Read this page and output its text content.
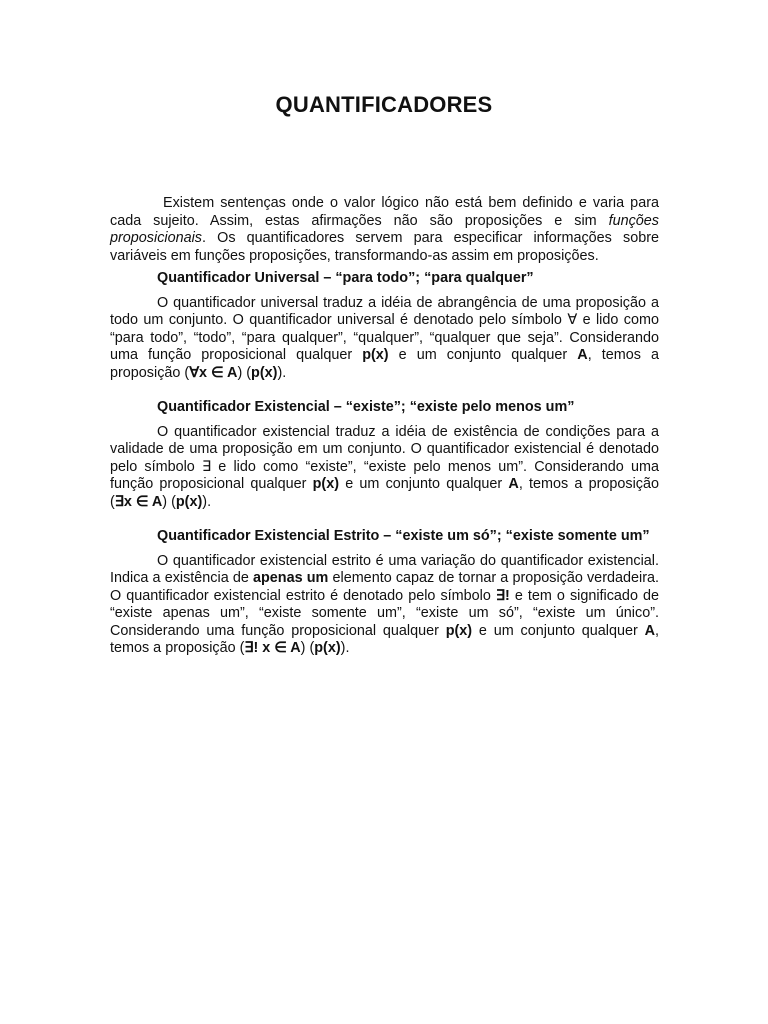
QUANTIFICADORES

Existem sentenças onde o valor lógico não está bem definido e varia para cada sujeito. Assim, estas afirmações não são proposições e sim funções proposicionais. Os quantificadores servem para especificar informações sobre variáveis em funções proposições, transformando-as assim em proposições.

Quantificador Universal – “para todo”; “para qualquer”

O quantificador universal traduz a idéia de abrangência de uma proposição a todo um conjunto. O quantificador universal é denotado pelo símbolo ∀ e lido como “para todo”, “todo”, “para qualquer”, “qualquer”, “qualquer que seja”. Considerando uma função proposicional qualquer p(x) e um conjunto qualquer A, temos a proposição (∀x ∈ A) (p(x)).

Quantificador Existencial – “existe”; “existe pelo menos um”

O quantificador existencial traduz a idéia de existência de condições para a validade de uma proposição em um conjunto. O quantificador existencial é denotado pelo símbolo ∃ e lido como “existe”, “existe pelo menos um”. Considerando uma função proposicional qualquer p(x) e um conjunto qualquer A, temos a proposição (∃x ∈ A) (p(x)).

Quantificador Existencial Estrito – “existe um só”; “existe somente um”

O quantificador existencial estrito é uma variação do quantificador existencial. Indica a existência de apenas um elemento capaz de tornar a proposição verdadeira. O quantificador existencial estrito é denotado pelo símbolo ∃! e tem o significado de “existe apenas um”, “existe somente um”, “existe um só”, “existe um único”. Considerando uma função proposicional qualquer p(x) e um conjunto qualquer A, temos a proposição (∃! x ∈ A) (p(x)).
